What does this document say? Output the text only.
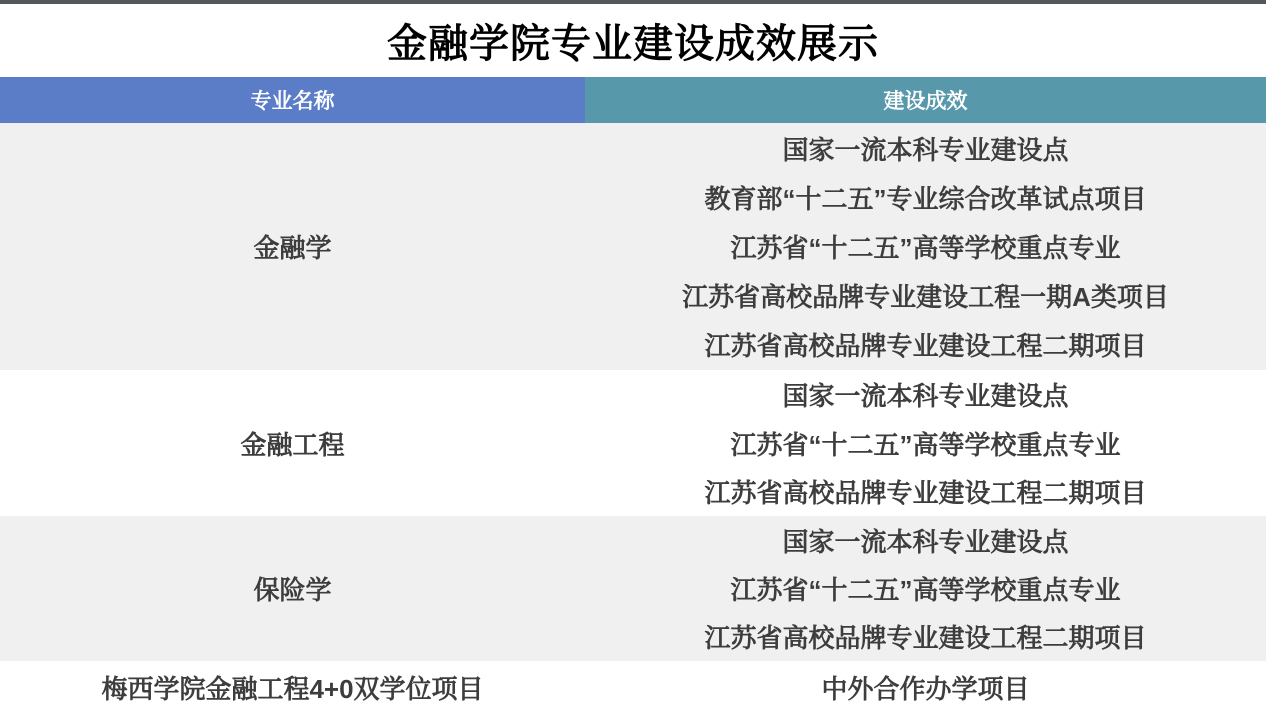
金融学院专业建设成效展示
专业名称	建设成效
金融学
国家一流本科专业建设点
教育部“十二五”专业综合改革试点项目
江苏省“十二五”高等学校重点专业
江苏省高校品牌专业建设工程一期A类项目
江苏省高校品牌专业建设工程二期项目
金融工程
国家一流本科专业建设点
江苏省“十二五”高等学校重点专业
江苏省高校品牌专业建设工程二期项目
保险学
国家一流本科专业建设点
江苏省“十二五”高等学校重点专业
江苏省高校品牌专业建设工程二期项目
梅西学院金融工程4+0双学位项目	中外合作办学项目
